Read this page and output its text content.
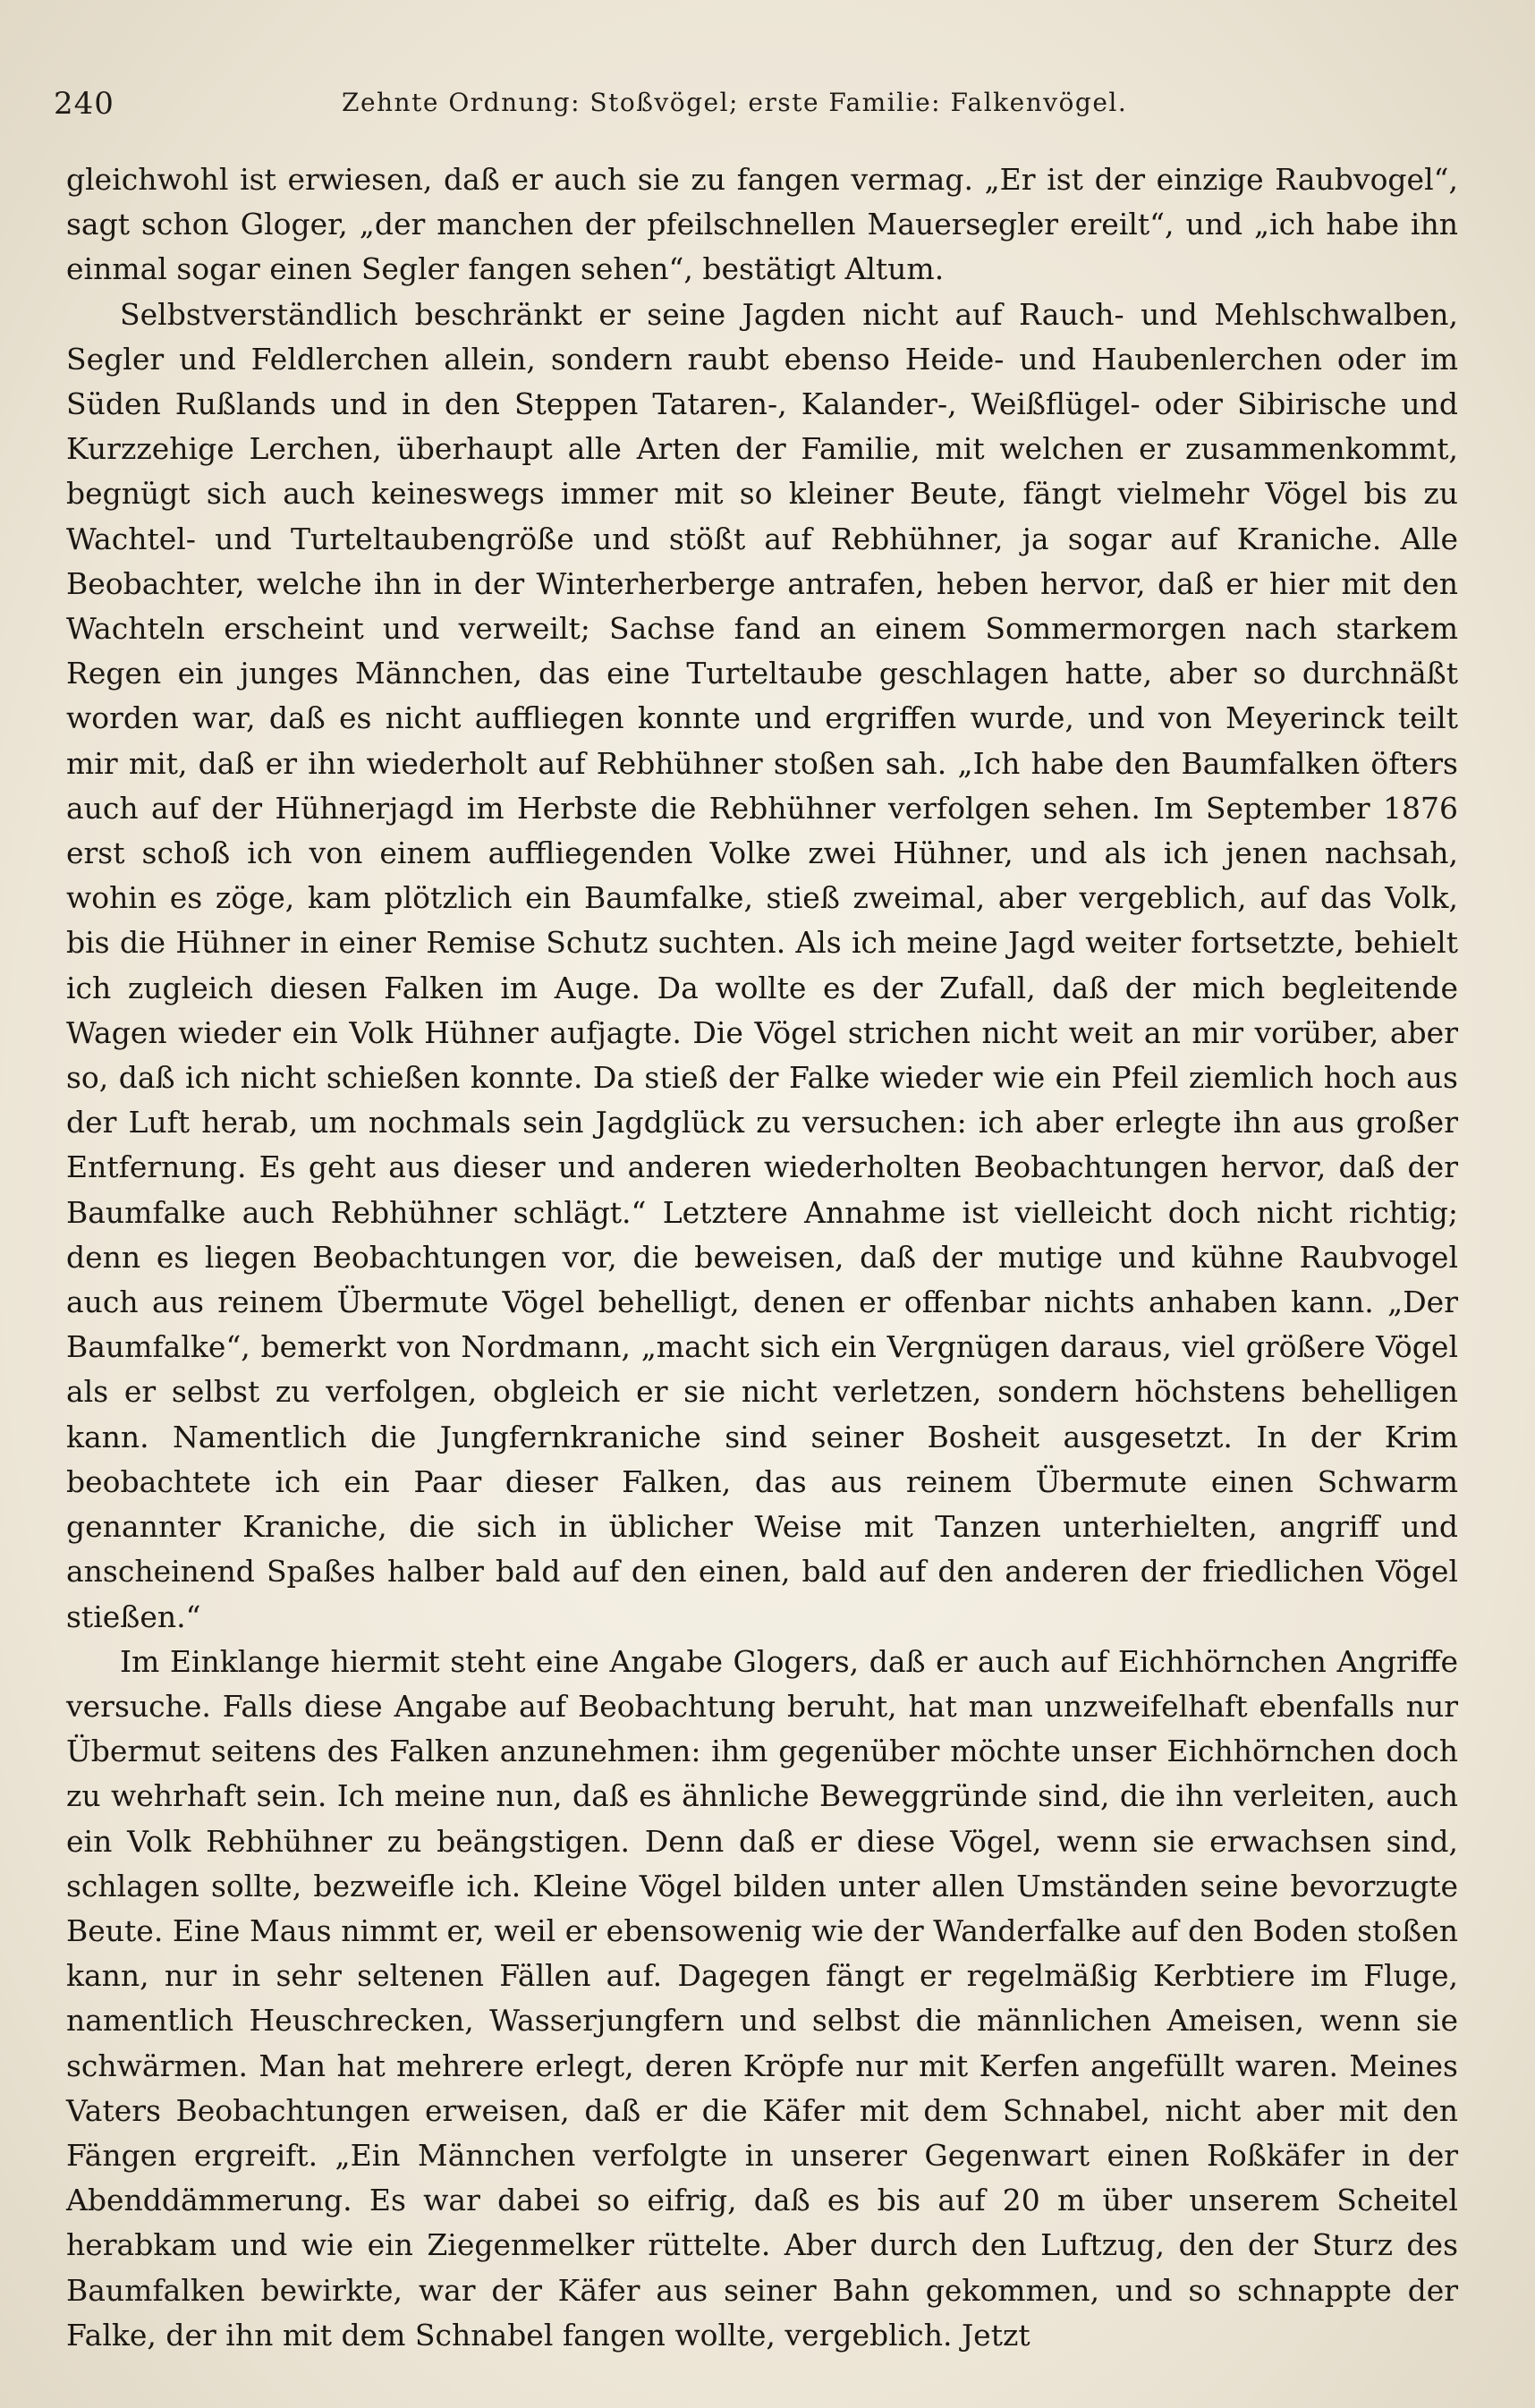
240	Zehnte Ordnung: Stoßvögel; erste Familie: Falkenvögel.

gleichwohl ist erwiesen, daß er auch sie zu fangen vermag. „Er ist der einzige Raubvogel“, sagt schon Gloger, „der manchen der pfeilschnellen Mauersegler ereilt“, und „ich habe ihn einmal sogar einen Segler fangen sehen“, bestätigt Altum.

Selbstverständlich beschränkt er seine Jagden nicht auf Rauch- und Mehlschwalben, Segler und Feldlerchen allein, sondern raubt ebenso Heide- und Haubenlerchen oder im Süden Rußlands und in den Steppen Tataren-, Kalander-, Weißflügel- oder Sibirische und Kurzzehige Lerchen, überhaupt alle Arten der Familie, mit welchen er zusammenkommt, begnügt sich auch keineswegs immer mit so kleiner Beute, fängt vielmehr Vögel bis zu Wachtel- und Turteltaubengröße und stößt auf Rebhühner, ja sogar auf Kraniche. Alle Beobachter, welche ihn in der Winterherberge antrafen, heben hervor, daß er hier mit den Wachteln erscheint und verweilt; Sachse fand an einem Sommermorgen nach starkem Regen ein junges Männchen, das eine Turteltaube geschlagen hatte, aber so durchnäßt worden war, daß es nicht auffliegen konnte und ergriffen wurde, und von Meyerinck teilt mir mit, daß er ihn wiederholt auf Rebhühner stoßen sah. „Ich habe den Baumfalken öfters auch auf der Hühnerjagd im Herbste die Rebhühner verfolgen sehen. Im September 1876 erst schoß ich von einem auffliegenden Volke zwei Hühner, und als ich jenen nachsah, wohin es zöge, kam plötzlich ein Baumfalke, stieß zweimal, aber vergeblich, auf das Volk, bis die Hühner in einer Remise Schutz suchten. Als ich meine Jagd weiter fortsetzte, behielt ich zugleich diesen Falken im Auge. Da wollte es der Zufall, daß der mich begleitende Wagen wieder ein Volk Hühner aufjagte. Die Vögel strichen nicht weit an mir vorüber, aber so, daß ich nicht schießen konnte. Da stieß der Falke wieder wie ein Pfeil ziemlich hoch aus der Luft herab, um nochmals sein Jagdglück zu versuchen: ich aber erlegte ihn aus großer Entfernung. Es geht aus dieser und anderen wiederholten Beobachtungen hervor, daß der Baumfalke auch Rebhühner schlägt.“ Letztere Annahme ist vielleicht doch nicht richtig; denn es liegen Beobachtungen vor, die beweisen, daß der mutige und kühne Raubvogel auch aus reinem Übermute Vögel behelligt, denen er offenbar nichts anhaben kann. „Der Baumfalke“, bemerkt von Nordmann, „macht sich ein Vergnügen daraus, viel größere Vögel als er selbst zu verfolgen, obgleich er sie nicht verletzen, sondern höchstens behelligen kann. Namentlich die Jungfernkraniche sind seiner Bosheit ausgesetzt. In der Krim beobachtete ich ein Paar dieser Falken, das aus reinem Übermute einen Schwarm genannter Kraniche, die sich in üblicher Weise mit Tanzen unterhielten, angriff und anscheinend Spaßes halber bald auf den einen, bald auf den anderen der friedlichen Vögel stießen.“

Im Einklange hiermit steht eine Angabe Glogers, daß er auch auf Eichhörnchen Angriffe versuche. Falls diese Angabe auf Beobachtung beruht, hat man unzweifelhaft ebenfalls nur Übermut seitens des Falken anzunehmen: ihm gegenüber möchte unser Eichhörnchen doch zu wehrhaft sein. Ich meine nun, daß es ähnliche Beweggründe sind, die ihn verleiten, auch ein Volk Rebhühner zu beängstigen. Denn daß er diese Vögel, wenn sie erwachsen sind, schlagen sollte, bezweifle ich. Kleine Vögel bilden unter allen Umständen seine bevorzugte Beute. Eine Maus nimmt er, weil er ebensowenig wie der Wanderfalke auf den Boden stoßen kann, nur in sehr seltenen Fällen auf. Dagegen fängt er regelmäßig Kerbtiere im Fluge, namentlich Heuschrecken, Wasserjungfern und selbst die männlichen Ameisen, wenn sie schwärmen. Man hat mehrere erlegt, deren Kröpfe nur mit Kerfen angefüllt waren. Meines Vaters Beobachtungen erweisen, daß er die Käfer mit dem Schnabel, nicht aber mit den Fängen ergreift. „Ein Männchen verfolgte in unserer Gegenwart einen Roßkäfer in der Abenddämmerung. Es war dabei so eifrig, daß es bis auf 20 m über unserem Scheitel herabkam und wie ein Ziegenmelker rüttelte. Aber durch den Luftzug, den der Sturz des Baumfalken bewirkte, war der Käfer aus seiner Bahn gekommen, und so schnappte der Falke, der ihn mit dem Schnabel fangen wollte, vergeblich. Jetzt
